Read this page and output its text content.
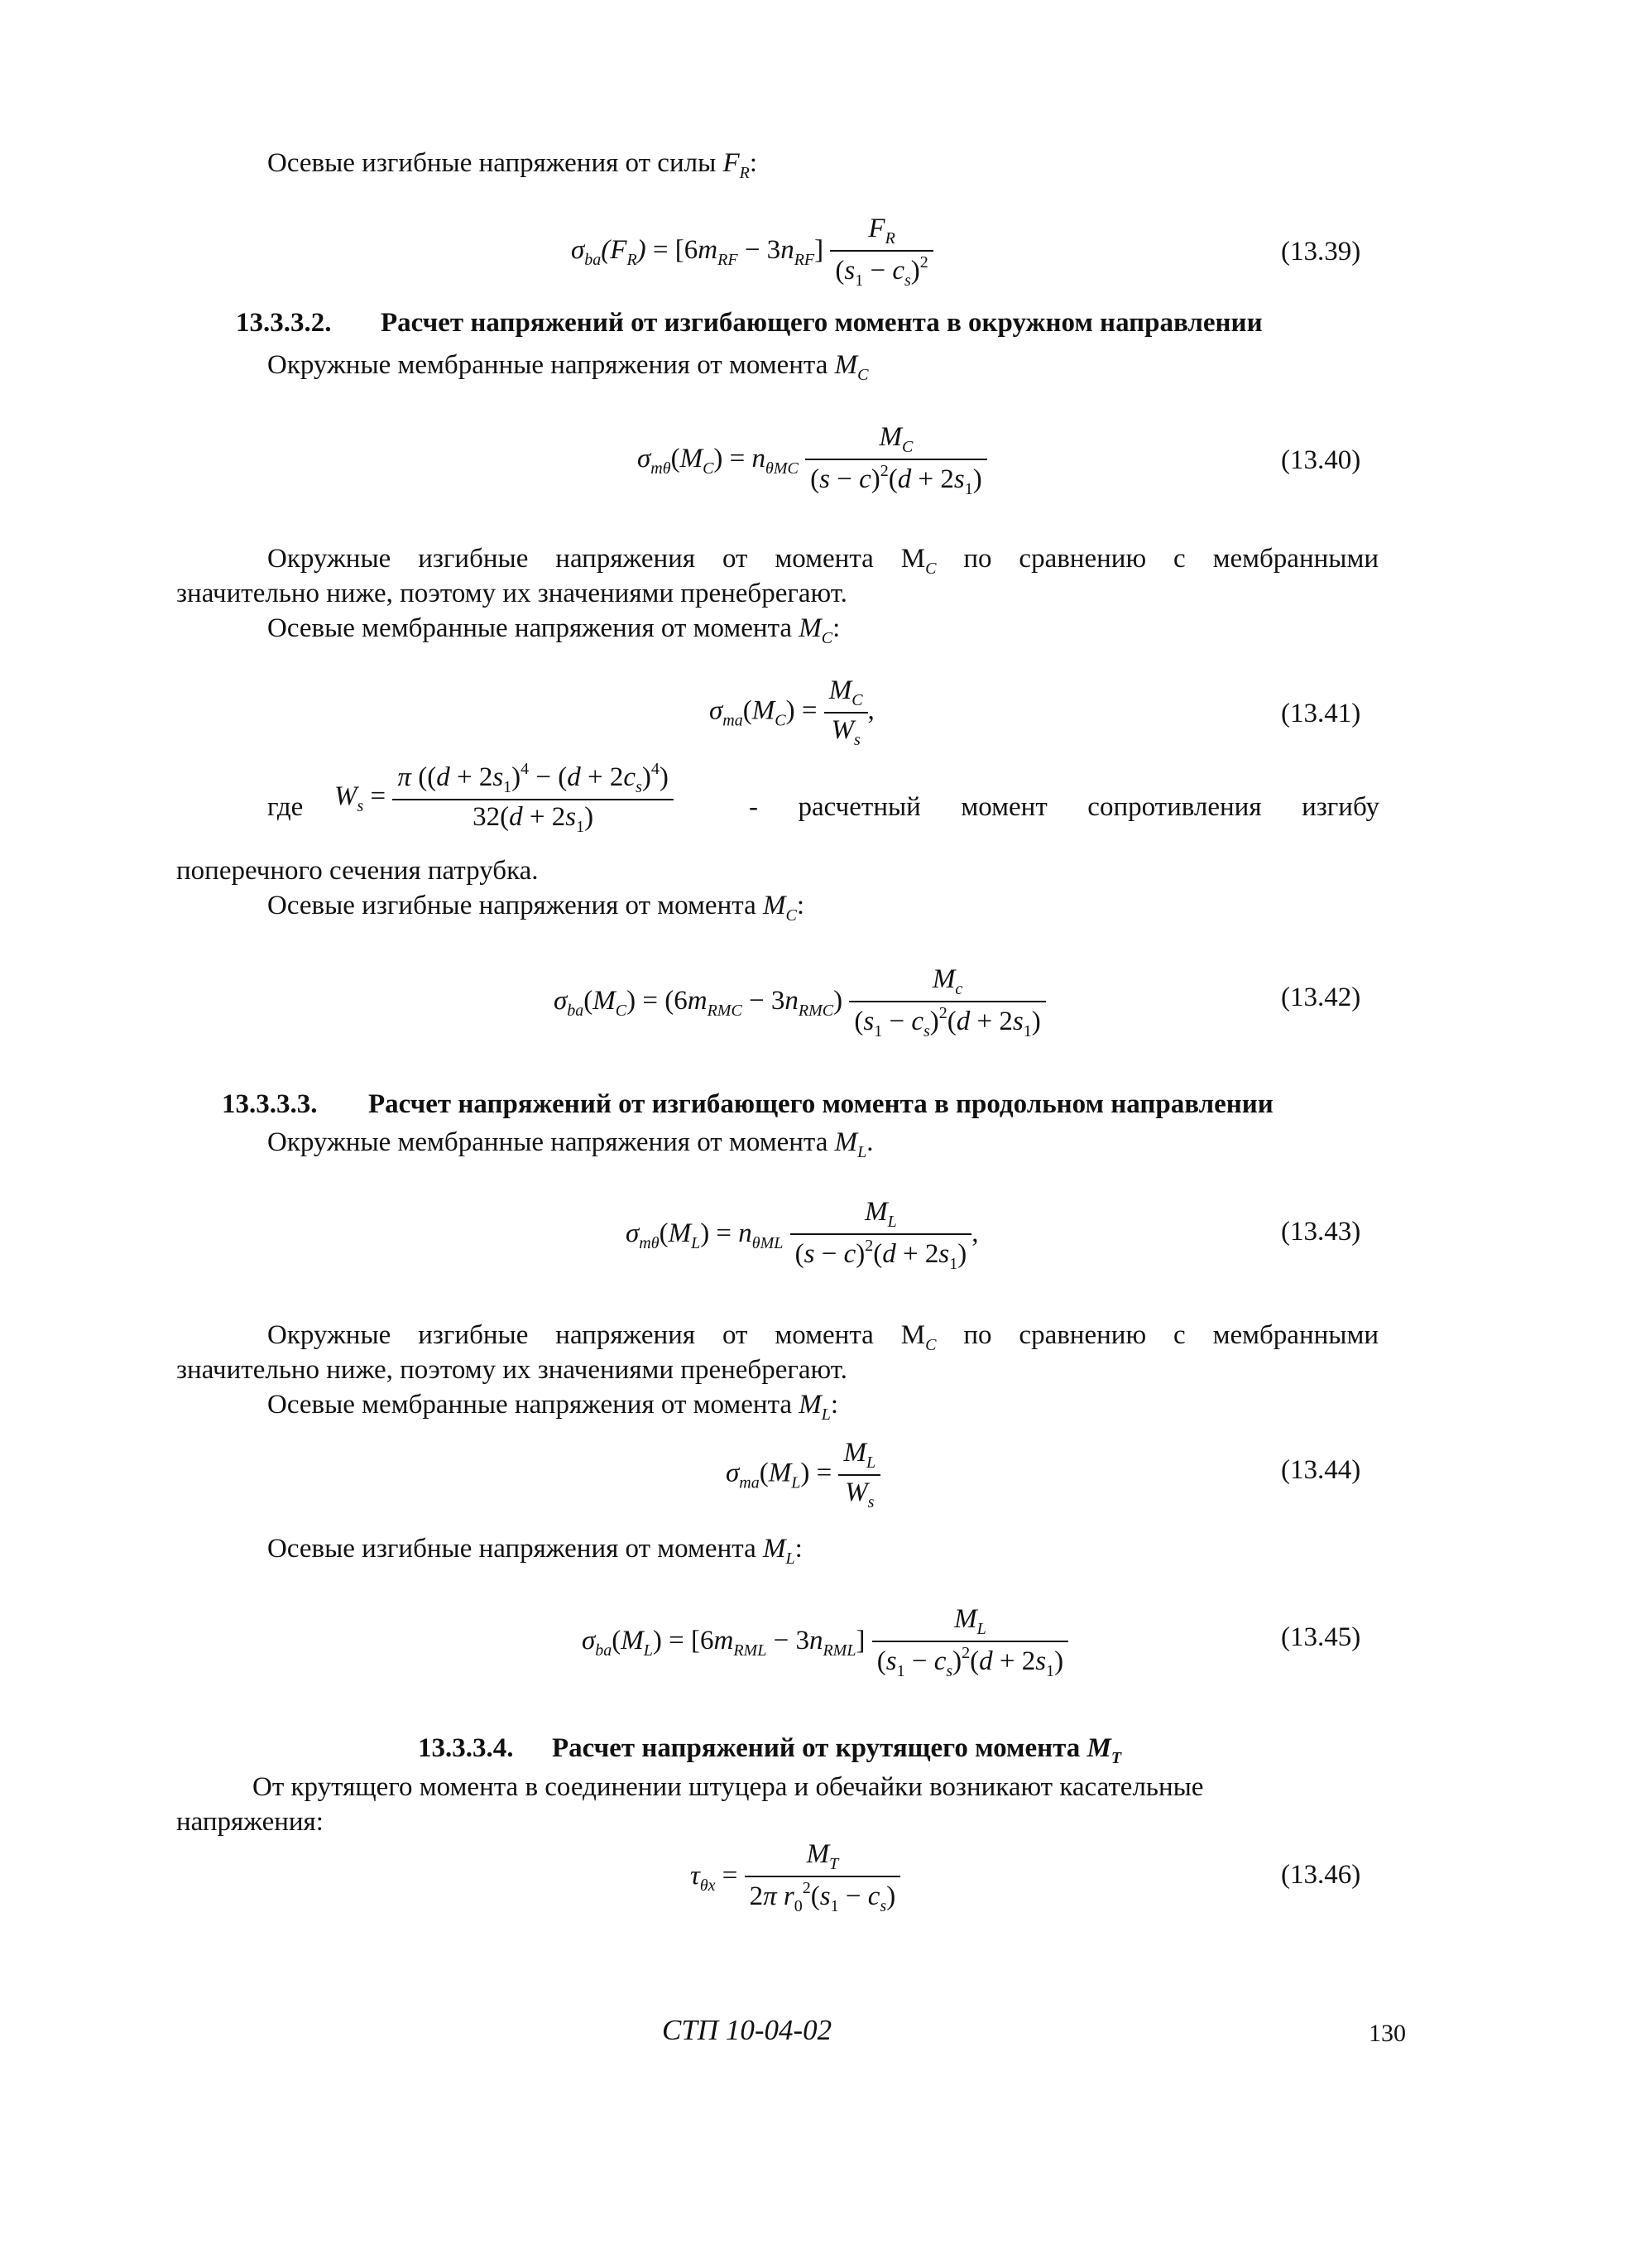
Осевые изгибные напряжения от силы $F_R$:
$\sigma_{ba}(F_R) = [6m_{RF} - 3n_{RF}] \frac{F_R}{(s_1 - c_s)^2}$	(13.39)
13.3.3.2. Расчет напряжений от изгибающего момента в окружном направлении
Окружные мембранные напряжения от момента $M_C$
$\sigma_{m\theta}(M_C) = n_{\theta MC} \frac{M_C}{(s - c)^2(d + 2s_1)}$	(13.40)
Окружные изгибные напряжения от момента $M_C$ по сравнению с мембранными
значительно ниже, поэтому их значениями пренебрегают.
Осевые мембранные напряжения от момента $M_C$:
$\sigma_{ma}(M_C) = \frac{M_C}{W_s}$ ,	(13.41)
где $W_s = \frac{\pi ((d + 2s_1)^4 - (d + 2c_s)^4)}{32(d + 2s_1)}$	- расчетный момент сопротивления изгибу
поперечного сечения патрубка.
Осевые изгибные напряжения от момента $M_C$:
$\sigma_{ba}(M_C) = (6m_{RMC} - 3n_{RMC}) \frac{M_c}{(s_1 - c_s)^2(d + 2s_1)}$	(13.42)
13.3.3.3. Расчет напряжений от изгибающего момента в продольном направлении
Окружные мембранные напряжения от момента $M_L$.
$\sigma_{m\theta}(M_L) = n_{\theta ML} \frac{M_L}{(s - c)^2(d + 2s_1)}$ ,	(13.43)
Окружные изгибные напряжения от момента $M_C$ по сравнению с мембранными
значительно ниже, поэтому их значениями пренебрегают.
Осевые мембранные напряжения от момента $M_L$:
$\sigma_{ma}(M_L) = \frac{M_L}{W_s}$	(13.44)
Осевые изгибные напряжения от момента $M_L$:
$\sigma_{ba}(M_L) = [6m_{RML} - 3n_{RML}] \frac{M_L}{(s_1 - c_s)^2(d + 2s_1)}$	(13.45)
13.3.3.4. Расчет напряжений от крутящего момента $M_T$
От крутящего момента в соединении штуцера и обечайки возникают касательные
напряжения:
$\tau_{\theta x} = \frac{M_T}{2\pi r_0^2(s_1 - c_s)}$	(13.46)
СТП 10-04-02	130
